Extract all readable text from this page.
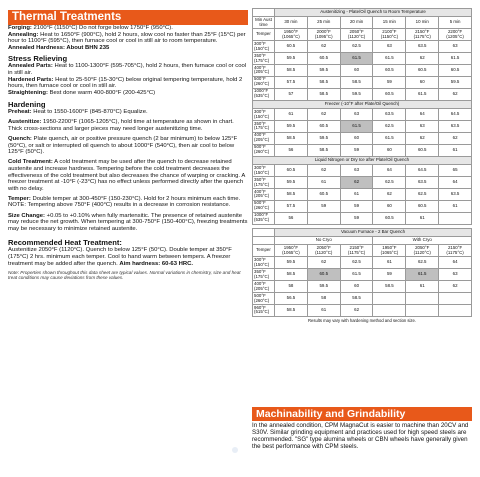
Thermal Treatments

Forging: 2100°F (1150°C) Do not forge below 1750°F (950°C).

Annealing: Heat to 1650°F (900°C), hold 2 hours, slow cool no faster than 25°F (15°C) per hour to 1100°F (595°C), then furnace cool or cool in still air to room temperature.

Annealed Hardness: About BHN 235

Stress Relieving

Annealed Parts: Heat to 1100-1300°F (595-705°C), hold 2 hours, then furnace cool or cool in still air.

Hardened Parts: Heat to 25-50°F (15-30°C) below original tempering temperature, hold 2 hours, then furnace cool or cool in still air.

Straightening: Best done warm 400-800°F (200-425°C)

Hardening

Preheat: Heat to 1550-1600°F (845-870°C) Equalize.

Austenitize: 1950-2200°F (1065-1205°C), hold time at temperature as shown in chart. Thick cross-sections and larger pieces may need longer austenitizing time.

Quench: Plate quench, air or positive pressure quench (2 bar minimum) to below 125°F (50°C), or salt or interrupted oil quench to about 1000°F (540°C), then air cool to below 125°F (50°C).

Cold Treatment: A cold treatment may be used after the quench to decrease retained austenite and increase hardness. Tempering before the cold treatment decreases the effectiveness of the cold treatment but also decreases the chance of warping or cracking. A freezer treatment at -10°F (-23°C) has no effect unless performed directly after the quench with no delay.

Temper: Double temper at 300-450°F (150-230°C). Hold for 2 hours minimum each time.

NOTE: Tempering above 750°F (400°C) results in a decrease in corrosion resistance.

Size Change: +0.05 to +0.10% when fully martensitic. The presence of retained austenite may reduce the net growth. When tempering at 300-750°F (150-400°C), freezing treatments may be necessary to minimize retained austenite.

Recommended Heat Treatment:

Austenitize 2050°F (1120°C). Quench to below 125°F (50°C). Double temper at 350°F (175°C) 2 hrs. minimum each temper. Cool to hand warm between tempers. A freezer treatment may be added after the quench. Aim hardness: 60-63 HRC.

Note: Properties shown throughout this data sheet are typical values. Normal variations in chemistry, size and heat treat conditions may cause deviations from these values.

	Austenitizing - Plate/Oil Quench to Room Temperature					
Min Aust time	30 min	25 min	20 min	15 min	10 min	5 min
Temper	1950°F (1065°C)	2000°F (1095°C)	2050°F (1120°C)	2100°F (1150°C)	2150°F (1175°C)	2200°F (1205°C)
300°F (150°C)	60.5	62	62.5	63	63.5	63
350°F (175°C)	59.5	60.5	61.5	61.5	62	61.5
400°F (205°C)	58.5	59.5	60	60.5	60.5	60.5
500°F (260°C)	57.5	58.5	58.5	59	60	59.5
1000°F (535°C)	57	58.5	59.5	60.5	61.5	62
Freezer (-10°F after Plate/Oil Quench)						
300°F (150°C)	61	62	63	63.5	64	64.5
350°F (175°C)	59.5	60.5	61.5	62.5	63	63.5
400°F (205°C)	58.5	59.5	60	61.5	62	62
500°F (260°C)	56	58.5	59	60	60.5	61
Liquid Nitrogen or Dry Ice after Plate/Oil Quench						
300°F (150°C)	60.5	62	63	64	64.5	65
350°F (175°C)	59.5	61	62	62.5	63.5	64
400°F (205°C)	58.5	60.5	61	62	62.5	63.5
500°F (260°C)	57.5	59	59	60	60.5	61
1000°F (535°C)	56		59	60.5	61	
	Vacuum Furnace - 2 Bar Quench					
	No Cryo			With Cryo		
Temper	1950°F (1065°C)	2050°F (1120°C)	2150°F (1175°C)	1950°F (1065°C)	2050°F (1120°C)	2150°F (1175°C)
300°F (150°C)	59.5	62	62.5	61	62.5	64
350°F (175°C)	58.5	60.5	61.5	59	61.5	63
400°F (205°C)	58	59.5	60	58.5	61	62
500°F (260°C)	56.5	58	58.5			
960°F (515°C)	58.5	61	62			
Results may vary with hardening method and section size.
Machinability and Grindability
In the annealed condition, CPM MagnaCut is easier to machine than 20CV and S30V. Similar grinding equipment and practices used for high speed steels are recommended. "SG" type alumina wheels or CBN wheels have generally given the best performance with CPM steels.
